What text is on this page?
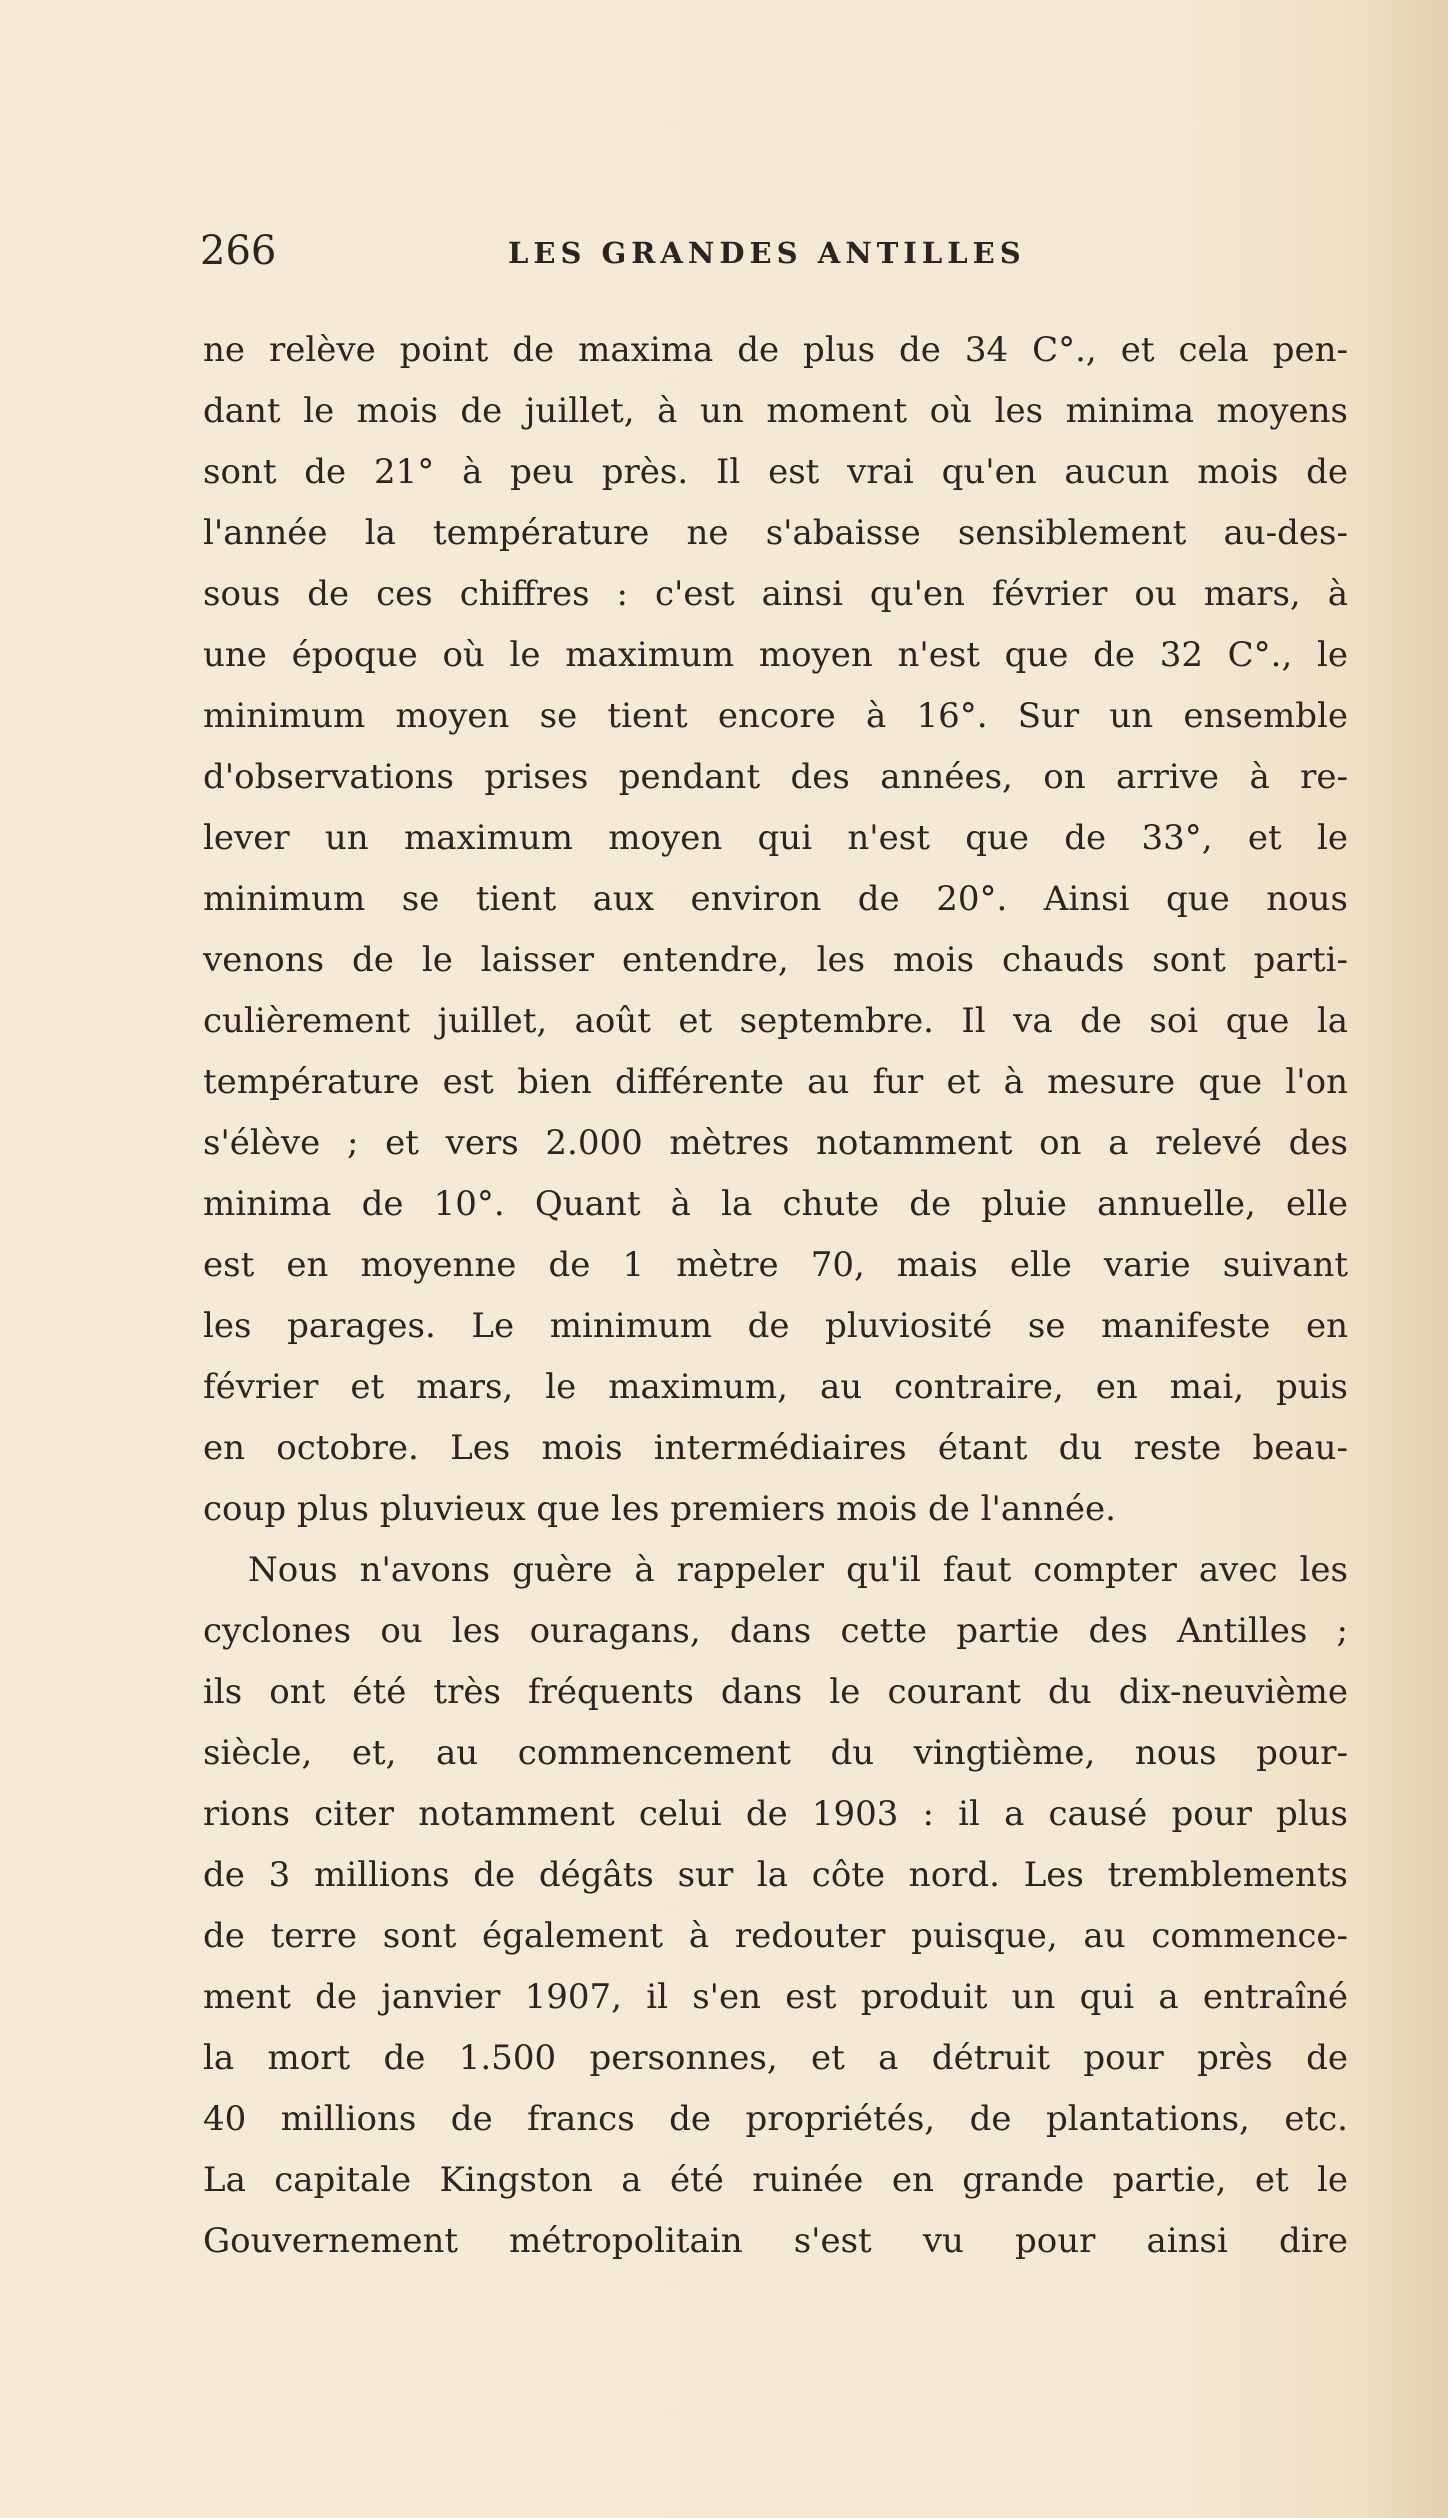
266	LES GRANDES ANTILLES
ne relève point de maxima de plus de 34 C°., et cela pen-
dant le mois de juillet, à un moment où les minima moyens
sont de 21° à peu près. Il est vrai qu'en aucun mois de
l'année la température ne s'abaisse sensiblement au-des-
sous de ces chiffres : c'est ainsi qu'en février ou mars, à
une époque où le maximum moyen n'est que de 32 C°., le
minimum moyen se tient encore à 16°. Sur un ensemble
d'observations prises pendant des années, on arrive à re-
lever un maximum moyen qui n'est que de 33°, et le
minimum se tient aux environ de 20°. Ainsi que nous
venons de le laisser entendre, les mois chauds sont parti-
culièrement juillet, août et septembre. Il va de soi que la
température est bien différente au fur et à mesure que l'on
s'élève ; et vers 2.000 mètres notamment on a relevé des
minima de 10°. Quant à la chute de pluie annuelle, elle
est en moyenne de 1 mètre 70, mais elle varie suivant
les parages. Le minimum de pluviosité se manifeste en
février et mars, le maximum, au contraire, en mai, puis
en octobre. Les mois intermédiaires étant du reste beau-
coup plus pluvieux que les premiers mois de l'année.
Nous n'avons guère à rappeler qu'il faut compter avec les
cyclones ou les ouragans, dans cette partie des Antilles ;
ils ont été très fréquents dans le courant du dix-neuvième
siècle, et, au commencement du vingtième, nous pour-
rions citer notamment celui de 1903 : il a causé pour plus
de 3 millions de dégâts sur la côte nord. Les tremblements
de terre sont également à redouter puisque, au commence-
ment de janvier 1907, il s'en est produit un qui a entraîné
la mort de 1.500 personnes, et a détruit pour près de
40 millions de francs de propriétés, de plantations, etc.
La capitale Kingston a été ruinée en grande partie, et le
Gouvernement métropolitain s'est vu pour ainsi dire
